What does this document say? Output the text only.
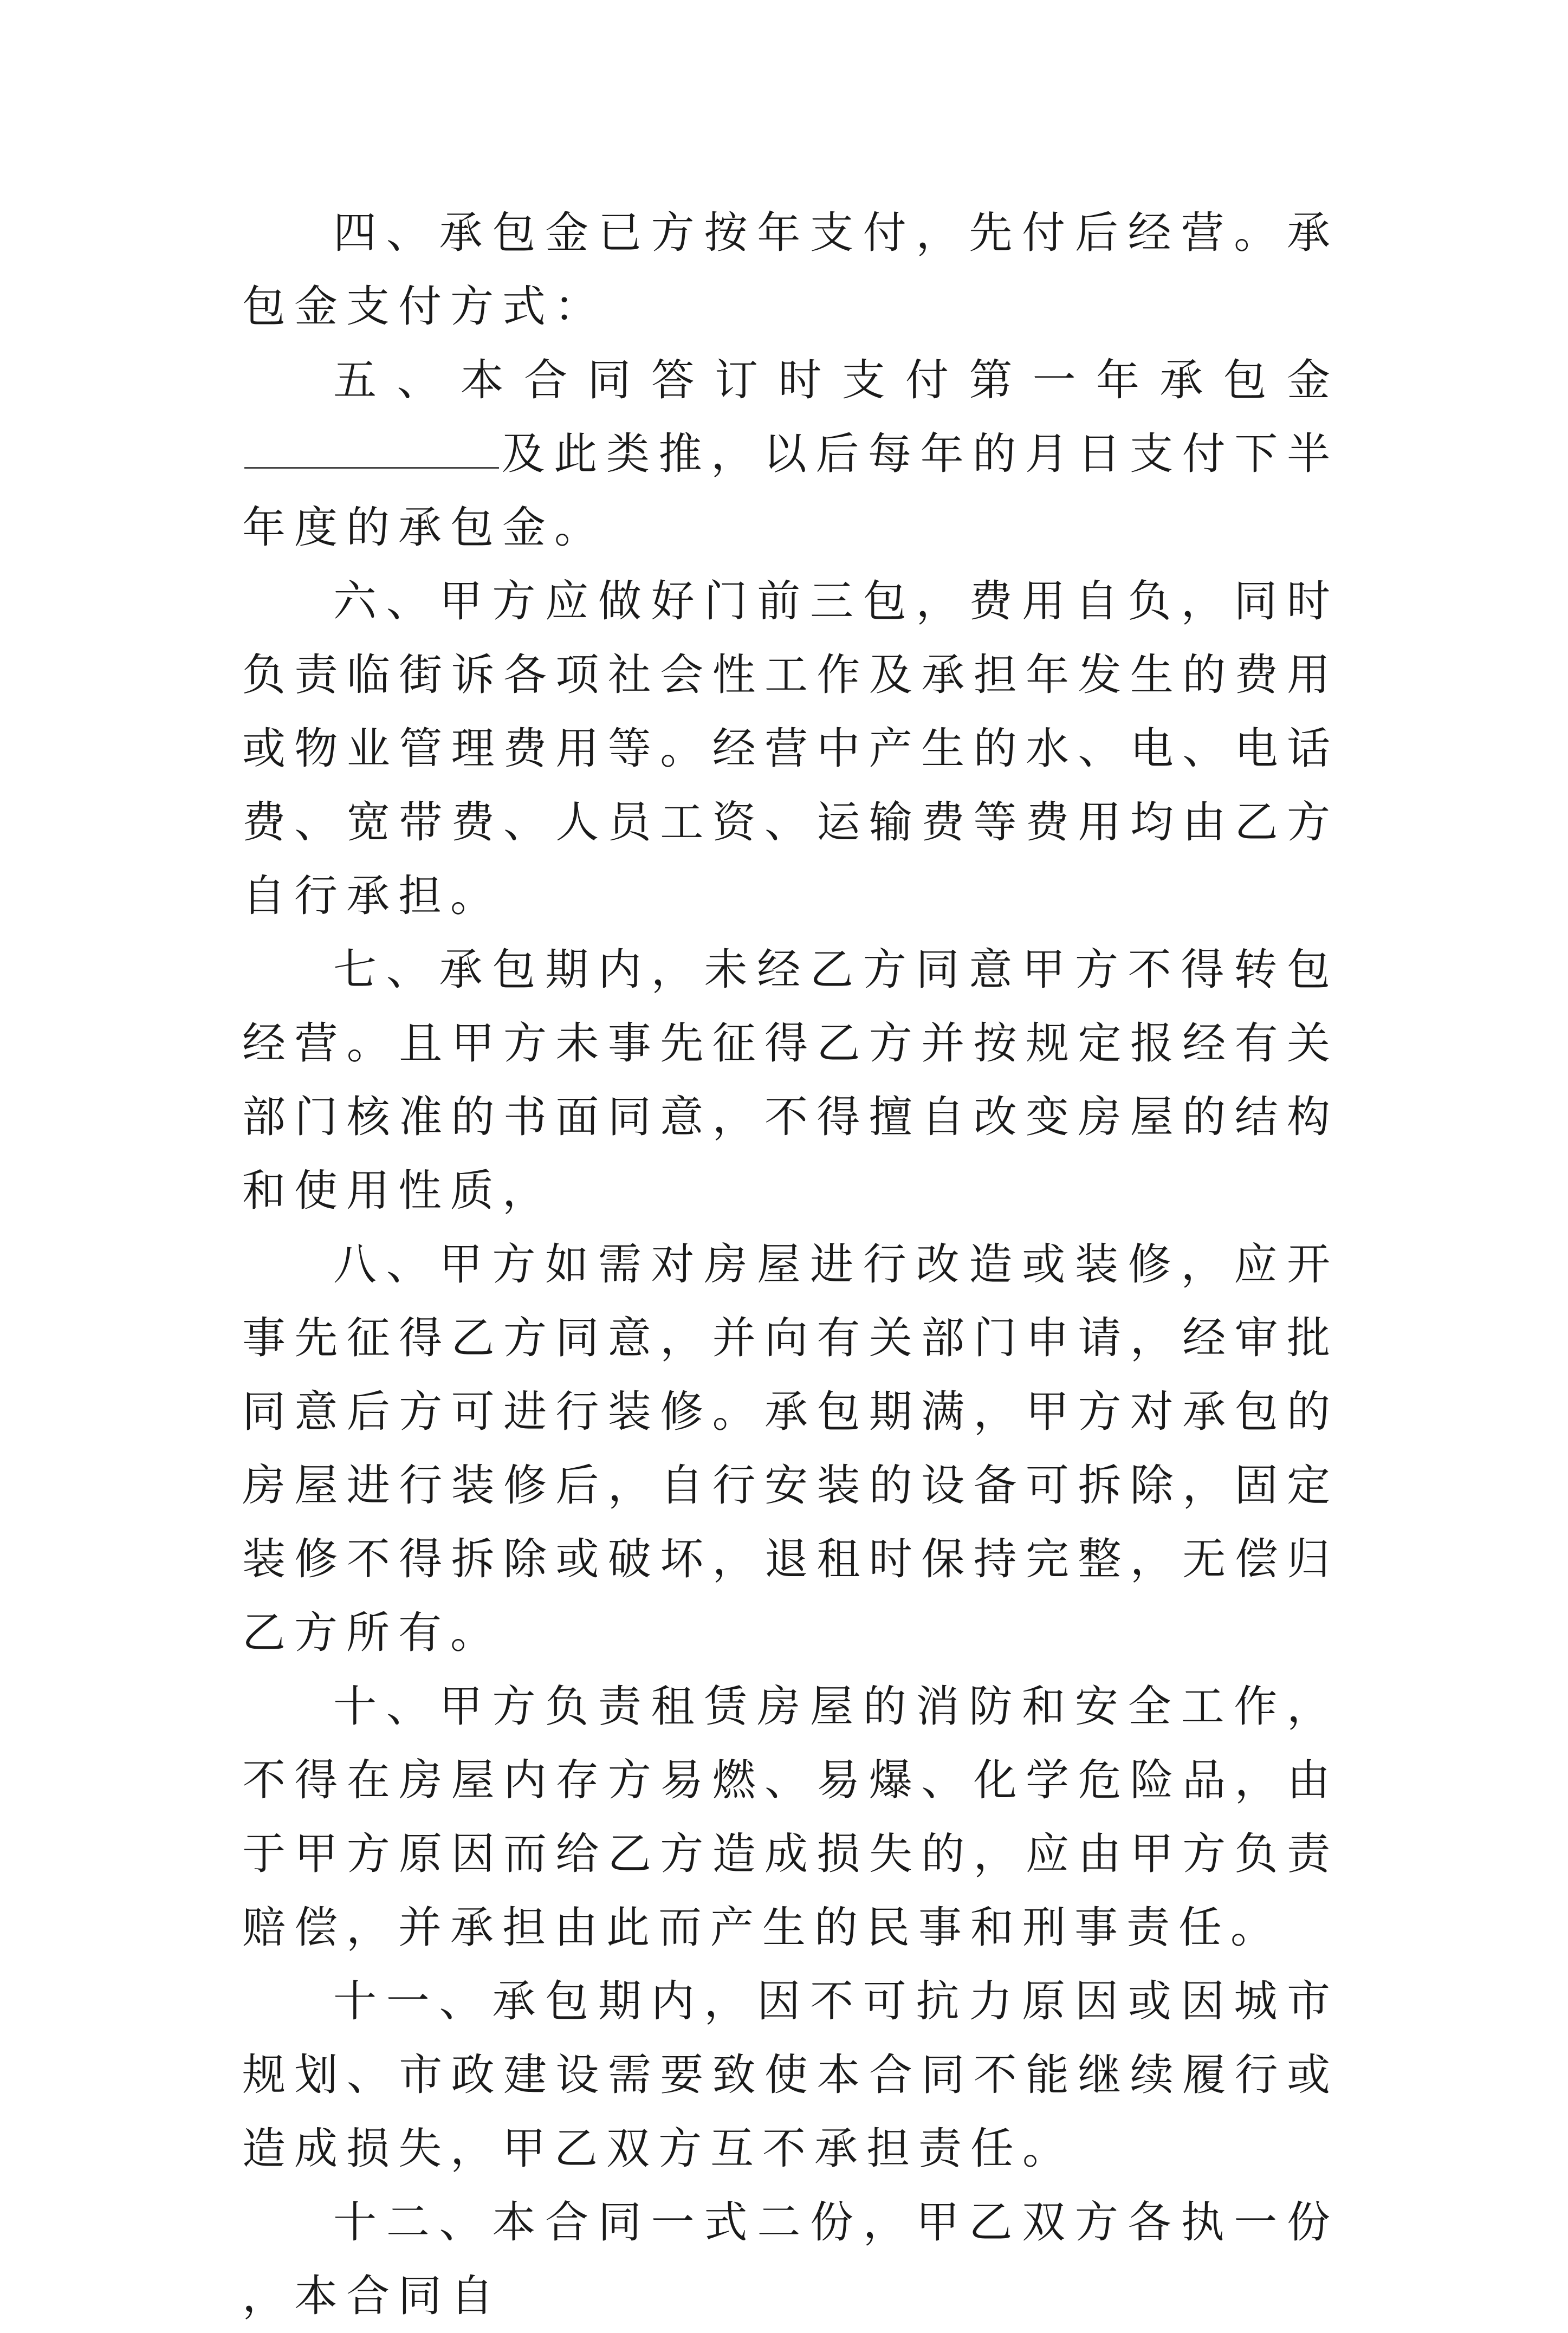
四、承包金已方按年支付，先付后经营。承包金支付方式：

五、本合同答订时支付第一年承包金及此类推，以后每年的月日支付下半年度的承包金。

六、甲方应做好门前三包，费用自负，同时负责临街诉各项社会性工作及承担年发生的费用或物业管理费用等。经营中产生的水、电、电话费、宽带费、人员工资、运输费等费用均由乙方自行承担。

七、承包期内，未经乙方同意甲方不得转包经营。且甲方未事先征得乙方并按规定报经有关部门核准的书面同意，不得擅自改变房屋的结构和使用性质，

八、甲方如需对房屋进行改造或装修，应开事先征得乙方同意，并向有关部门申请，经审批同意后方可进行装修。承包期满，甲方对承包的房屋进行装修后，自行安装的设备可拆除，固定装修不得拆除或破坏，退租时保持完整，无偿归乙方所有。

十、甲方负责租赁房屋的消防和安全工作，不得在房屋内存方易燃、易爆、化学危险品，由于甲方原因而给乙方造成损失的，应由甲方负责赔偿，并承担由此而产生的民事和刑事责任。

十一、承包期内，因不可抗力原因或因城市规划、市政建设需要致使本合同不能继续履行或造成损失，甲乙双方互不承担责任。

十二、本合同一式二份，甲乙双方各执一份，本合同自
